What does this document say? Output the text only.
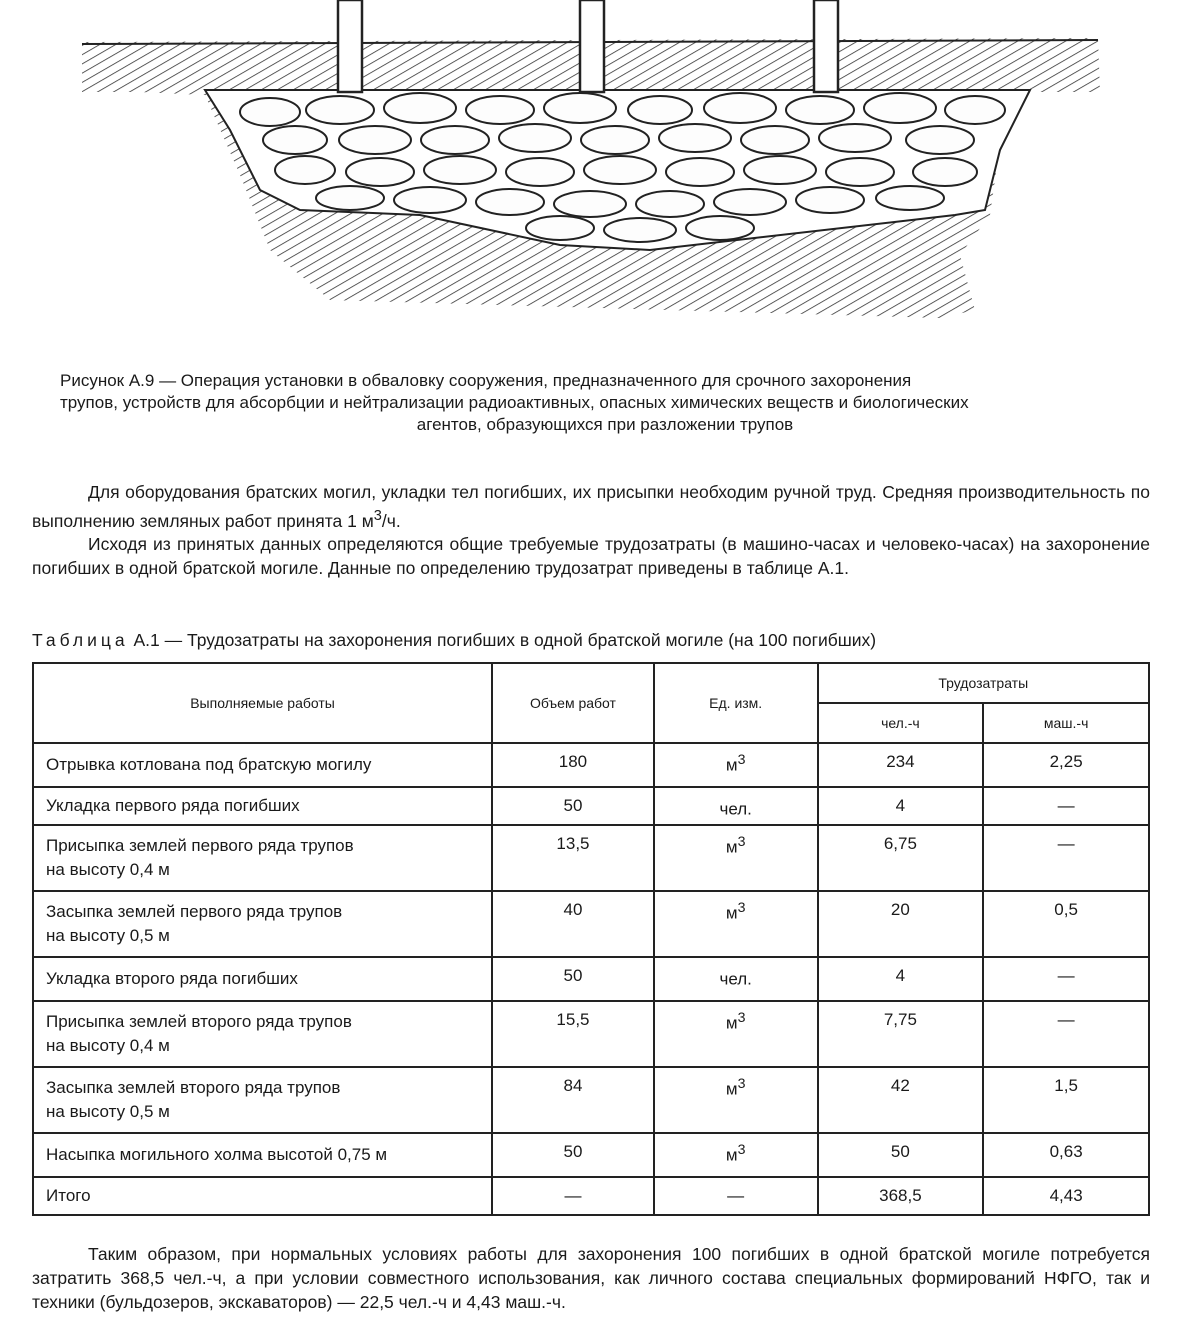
Рисунок А.9 — Операция установки в обваловку сооружения, предназначенного для срочного захоронения
трупов, устройств для абсорбции и нейтрализации радиоактивных, опасных химических веществ и биологических
агентов, образующихся при разложении трупов
Для оборудования братских могил, укладки тел погибших, их присыпки необходим ручной труд. Средняя производительность по выполнению земляных работ принята 1 $м^3/ч$.
Исходя из принятых данных определяются общие требуемые трудозатраты (в машино-часах и человеко-часах) на захоронение погибших в одной братской могиле. Данные по определению трудозатрат приведены в таблице А.1.
Таблица А.1 — Трудозатраты на захоронения погибших в одной братской могиле (на 100 погибших)
Выполняемые работы	Объем работ	Ед. изм.	Трудозатраты	
			чел.-ч	маш.-ч
Отрывка котлована под братскую могилу	180	$м^3$	234	2,25
Укладка первого ряда погибших	50	чел.	4	—

Присыпка землей первого ряда трупов
на высоту 0,4 м	13,5	$м^3$	6,75	—

Засыпка землей первого ряда трупов
на высоту 0,5 м	40	$м^3$	20	0,5
Укладка второго ряда погибших	50	чел.	4	—

Присыпка землей второго ряда трупов
на высоту 0,4 м	15,5	$м^3$	7,75	—

Засыпка землей второго ряда трупов
на высоту 0,5 м	84	$м^3$	42	1,5
Насыпка могильного холма высотой 0,75 м	50	$м^3$	50	0,63
Итого	—	—	368,5	4,43
Таким образом, при нормальных условиях работы для захоронения 100 погибших в одной братской могиле потребуется затратить 368,5 чел.-ч, а при условии совместного использования, как личного состава специальных формирований НФГО, так и техники (бульдозеров, экскаваторов) — 22,5 чел.-ч и 4,43 маш.-ч.
